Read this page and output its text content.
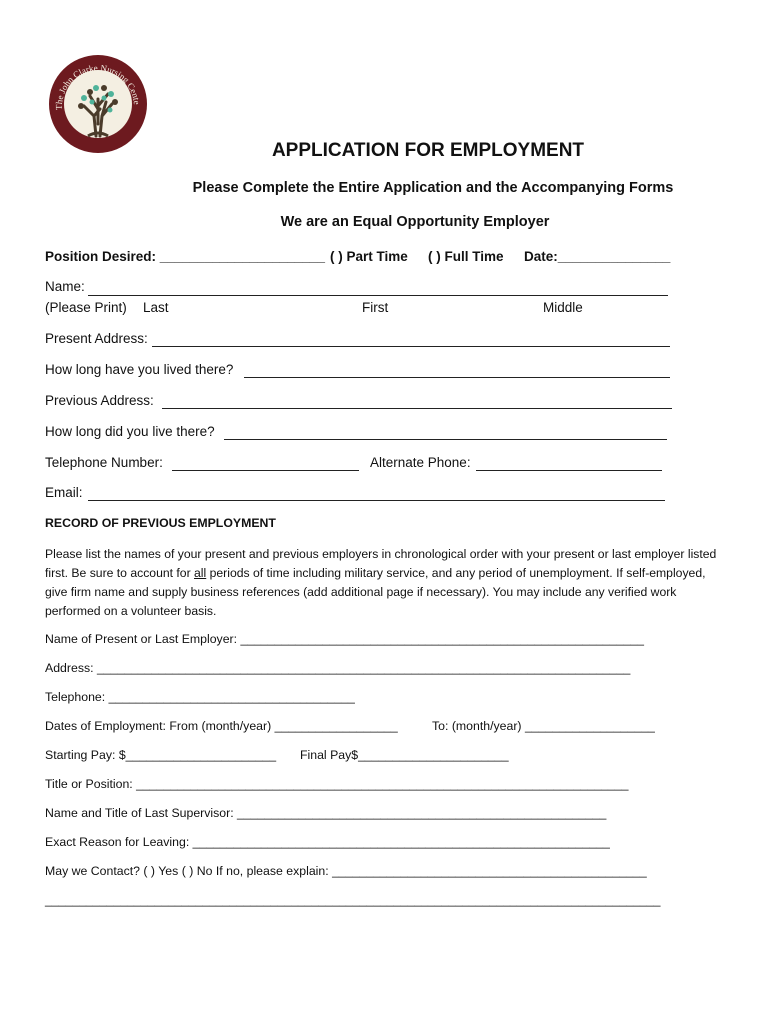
The John Clarke Nursing Cente
APPLICATION FOR EMPLOYMENT
Please Complete the Entire Application and the Accompanying Forms
We are an Equal Opportunity Employer
Position Desired: ______________________ ( ) Part Time ( ) Full Time Date:_______________
Name:
(Please Print) Last	First	Middle
Present Address:
How long have you lived there?
Previous Address:
How long did you live there?
Telephone Number:	Alternate Phone:
Email:
RECORD OF PREVIOUS EMPLOYMENT
Please list the names of your present and previous employers in chronological order with your present or last employer listed first. Be sure to account for all periods of time including military service, and any period of unemployment. If self-employed, give firm name and supply business references (add additional page if necessary). You may include any verified work performed on a volunteer basis.
Name of Present or Last Employer: ___________________________________________________________
Address: ______________________________________________________________________________
Telephone: ____________________________________
Dates of Employment: From (month/year) __________________	To: (month/year) ___________________
Starting Pay: $______________________ Final Pay$______________________
Title or Position: ________________________________________________________________________
Name and Title of Last Supervisor: ______________________________________________________
Exact Reason for Leaving: _____________________________________________________________
May we Contact? ( ) Yes ( ) No If no, please explain: ______________________________________________
__________________________________________________________________________________________
